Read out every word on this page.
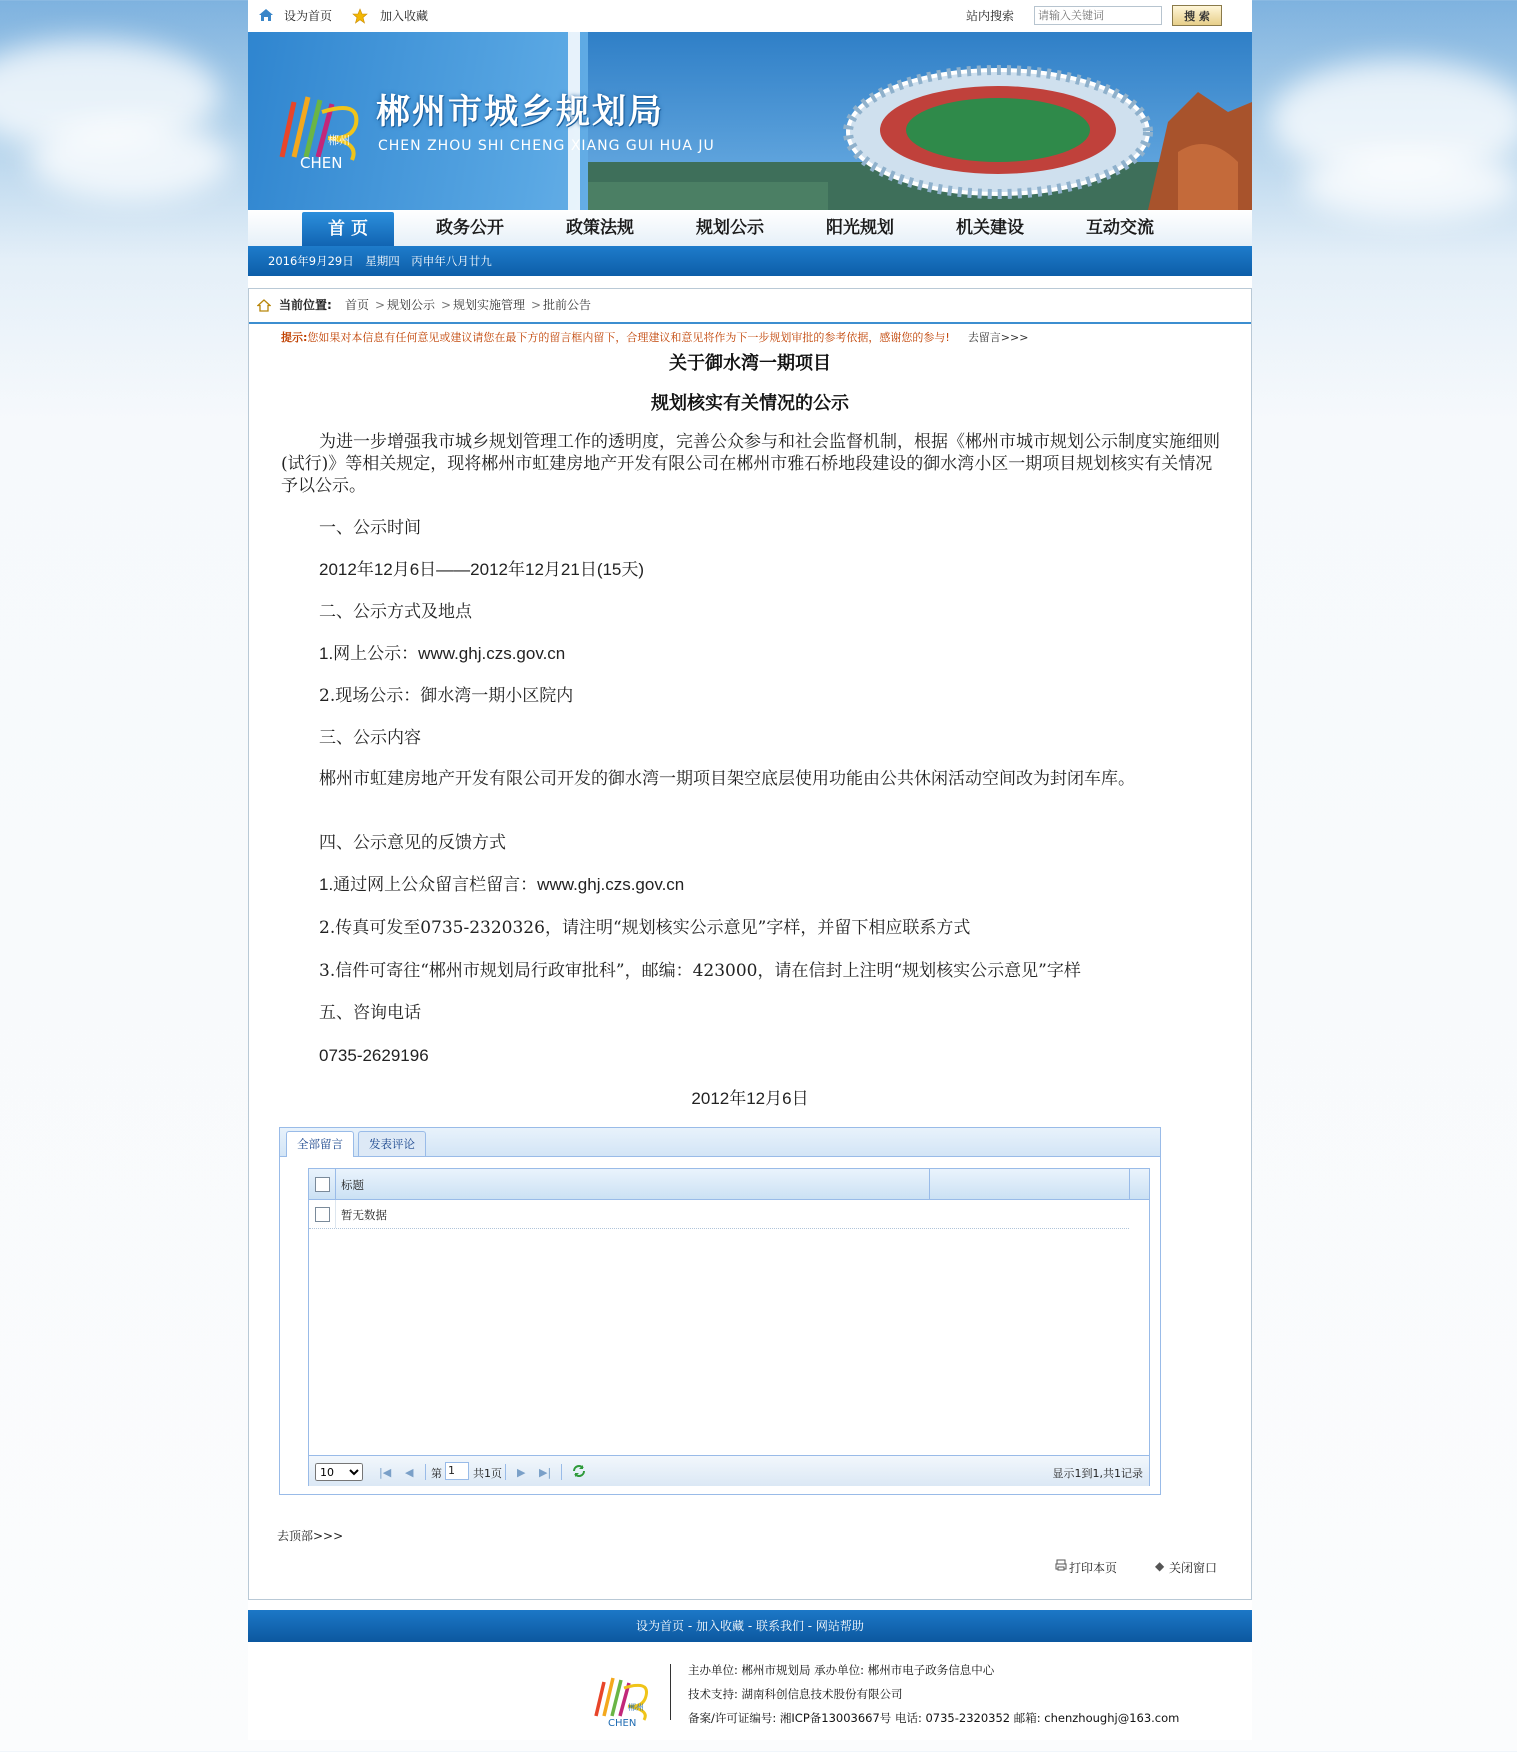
设为首页	加入收藏	站内搜索
请输入关键词	搜 索
郴州
CHEN
郴州市城乡规划局
CHEN ZHOU SHI CHENG XIANG GUI HUA JU
首 页	政务公开	政策法规	规划公示	阳光规划	机关建设	互动交流
2016年9月29日　星期四　丙申年八月廿九
当前位置: 首页 > 规划公示 > 规划实施管理 > 批前公告
提示:您如果对本信息有任何意见或建议请您在最下方的留言框内留下，合理建议和意见将作为下一步规划审批的参考依据，感谢您的参与! 去留言>>>
关于御水湾一期项目
规划核实有关情况的公示
为进一步增强我市城乡规划管理工作的透明度，完善公众参与和社会监督机制，根据《郴州市城市规划公示制度实施细则(试行)》等相关规定，现将郴州市虹建房地产开发有限公司在郴州市雅石桥地段建设的御水湾小区一期项目规划核实有关情况予以公示。
一、公示时间
2012年12月6日——2012年12月21日(15天)
二、公示方式及地点
1.网上公示：www.ghj.czs.gov.cn
2.现场公示：御水湾一期小区院内
三、公示内容
郴州市虹建房地产开发有限公司开发的御水湾一期项目架空底层使用功能由公共休闲活动空间改为封闭车库。
四、公示意见的反馈方式
1.通过网上公众留言栏留言：www.ghj.czs.gov.cn
2.传真可发至0735-2320326，请注明“规划核实公示意见”字样，并留下相应联系方式
3.信件可寄往“郴州市规划局行政审批科”，邮编：423000，请在信封上注明“规划核实公示意见”字样
五、咨询电话
0735-2629196
2012年12月6日
全部留言	发表评论
标题
暂无数据
10
|◀ ◀ 第 1	共1页 ▶ ▶|	显示1到1,共1记录
去顶部>>>
打印本页	◆ 关闭窗口
设为首页 - 加入收藏 - 联系我们 - 网站帮助
郴州
CHEN
主办单位: 郴州市规划局 承办单位: 郴州市电子政务信息中心
技术支持: 湖南科创信息技术股份有限公司
备案/许可证编号: 湘ICP备13003667号 电话: 0735-2320352 邮箱: chenzhoughj@163.com
